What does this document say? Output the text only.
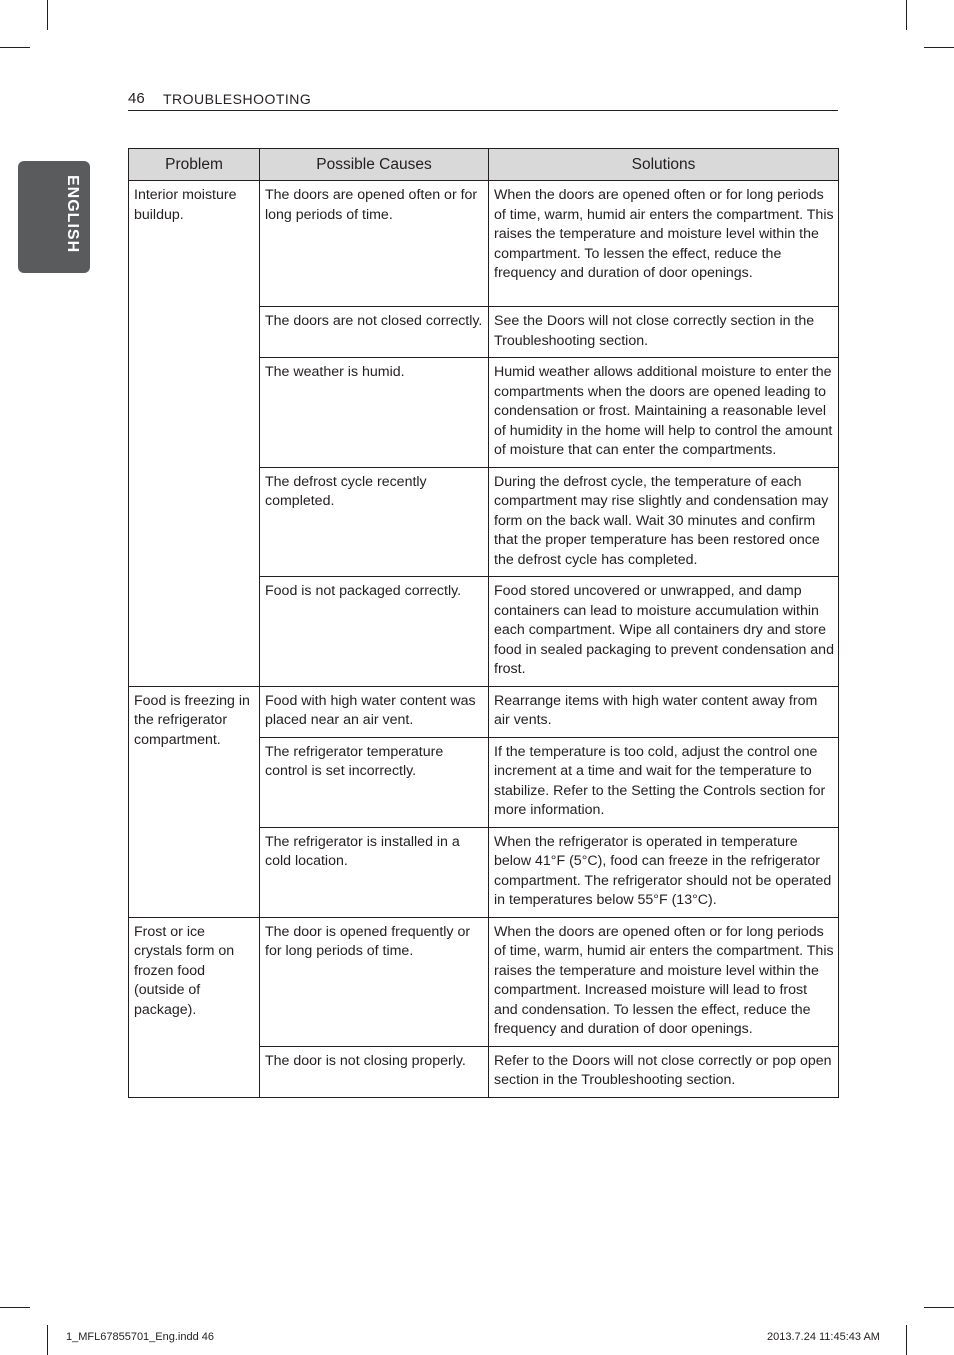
46 TROUBLESHOOTING
ENGLISH
Problem	Possible Causes	Solutions
Interior moisture buildup.	The doors are opened often or for long periods of time.	When the doors are opened often or for long periods of time, warm, humid air enters the compartment. This raises the temperature and moisture level within the compartment. To lessen the effect, reduce the frequency and duration of door openings.
	The doors are not closed correctly.	See the Doors will not close correctly section in the Troubleshooting section.
	The weather is humid.	Humid weather allows additional moisture to enter the compartments when the doors are opened leading to condensation or frost. Maintaining a reasonable level of humidity in the home will help to control the amount of moisture that can enter the compartments.
	The defrost cycle recently completed.	During the defrost cycle, the temperature of each compartment may rise slightly and condensation may form on the back wall. Wait 30 minutes and confirm that the proper temperature has been restored once the defrost cycle has completed.
	Food is not packaged correctly.	Food stored uncovered or unwrapped, and damp containers can lead to moisture accumulation within each compartment. Wipe all containers dry and store food in sealed packaging to prevent condensation and frost.
Food is freezing in the refrigerator compartment.	Food with high water content was placed near an air vent.	Rearrange items with high water content away from air vents.
	The refrigerator temperature control is set incorrectly.	If the temperature is too cold, adjust the control one increment at a time and wait for the temperature to stabilize. Refer to the Setting the Controls section for more information.
	The refrigerator is installed in a cold location.	When the refrigerator is operated in temperature below 41°F (5°C), food can freeze in the refrigerator compartment. The refrigerator should not be operated in temperatures below 55°F (13°C).
Frost or ice crystals form on frozen food (outside of package).	The door is opened frequently or for long periods of time.	When the doors are opened often or for long periods of time, warm, humid air enters the compartment. This raises the temperature and moisture level within the compartment. Increased moisture will lead to frost and condensation. To lessen the effect, reduce the frequency and duration of door openings.
	The door is not closing properly.	Refer to the Doors will not close correctly or pop open section in the Troubleshooting section.
1_MFL67855701_Eng.indd 46	2013.7.24 11:45:43 AM
